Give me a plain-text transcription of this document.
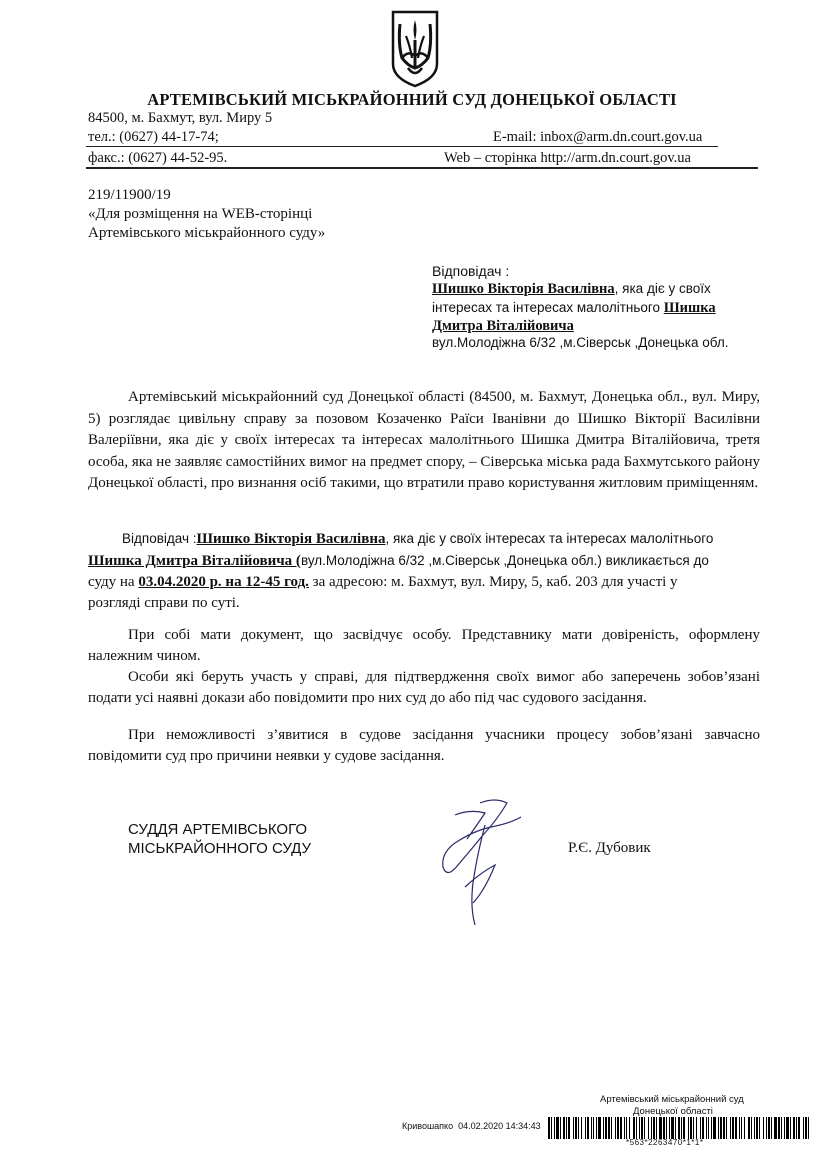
АРТЕМІВСЬКИЙ МІСЬКРАЙОННИЙ СУД ДОНЕЦЬКОЇ ОБЛАСТІ
84500, м. Бахмут, вул. Миру 5
тел.: (0627) 44-17-74;	E-mail: inbox@arm.dn.court.gov.ua
факс.: (0627) 44-52-95.	Web – сторінка http://arm.dn.court.gov.ua
219/11900/19
«Для розміщення на WEB-сторінці
Артемівського міськрайонного суду»
Відповідач :
Шишко Вікторія Василівна, яка діє у своїх
інтересах та інтересах малолітнього Шишка
Дмитра Віталійовича
вул.Молодіжна 6/32 ,м.Сіверськ ,Донецька обл.
Артемівський міськрайонний суд Донецької області (84500, м. Бахмут, Донецька обл., вул. Миру, 5) розглядає цивільну справу за позовом Козаченко Раїси Іванівни до Шишко Вікторії Василівни Валеріївни, яка діє у своїх інтересах та інтересах малолітнього Шишка Дмитра Віталійовича, третя особа, яка не заявляє самостійних вимог на предмет спору, – Сіверська міська рада Бахмутського району Донецької області, про визнання осіб такими, що втратили право користування житловим приміщенням.
Відповідач :Шишко Вікторія Василівна, яка діє у своїх інтересах та інтересах малолітнього
Шишка Дмитра Віталійовича (вул.Молодіжна 6/32 ,м.Сіверськ ,Донецька обл.) викликається до
суду на 03.04.2020 р. на 12-45 год. за адресою: м. Бахмут, вул. Миру, 5, каб. 203 для участі у
розгляді справи по суті.
При собі мати документ, що засвідчує особу. Представнику мати довіреність, оформлену належним чином.
Особи які беруть участь у справі, для підтвердження своїх вимог або заперечень зобов’язані подати усі наявні докази або повідомити про них суд до або під час судового засідання.
При неможливості з’явитися в судове засідання учасники процесу зобов’язані завчасно повідомити суд про причини неявки у судове засідання.
СУДДЯ АРТЕМІВСЬКОГО
МІСЬКРАЙОННОГО СУДУ	Р.Є. Дубовик
Артемівський міськрайонний суд
Донецької області
Кривошапко  04.02.2020 14:34:43
*563*2263470*1*1*
